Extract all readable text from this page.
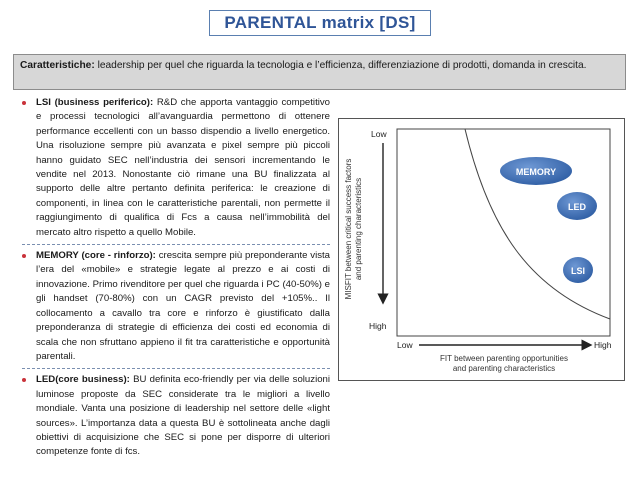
PARENTAL matrix [DS]
Caratteristiche: leadership per quel che riguarda la tecnologia e l’efficienza, differenziazione di prodotti, domanda in crescita.
LSI (business periferico): R&D che apporta vantaggio competitivo e processi tecnologici all’avanguardia permettono di ottenere performance eccellenti con un basso dispendio a livello energetico. Una risoluzione sempre più avanzata e pixel sempre più piccoli hanno guidato SEC nell’industria dei sensori incrementando le vendite nel 2013. Nonostante ciò rimane una BU finalizzata al supporto delle altre pertanto definita periferica: le creazione di componenti, in linea con le caratteristiche parentali, non permette il raggiungimento di qualifica di Fcs a causa nell’immobilità del mercato altro rispetto a quello Mobile.
MEMORY (core - rinforzo): crescita sempre più preponderante vista l’era del «mobile» e strategie legate al prezzo e ai costi di innovazione. Primo rivenditore per quel che riguarda i PC (40-50%) e gli handset (70-80%) con un CAGR previsto del +105%.. Il collocamento a cavallo tra core e rinforzo è giustificato dalla preponderanza di strategie di efficienza dei costi ed economia di scala che non sfruttano appieno il fit tra caratteristiche e opportunità parentali.
LED(core business): BU definita eco-friendly per via delle soluzioni luminose proposte da SEC considerate tra le migliori a livello mondiale. Vanta una posizione di leadership nel settore delle «light sources». L’importanza data a questa BU è sottolineata anche dagli obiettivi di acquisizione che SEC si pone per disporre di ulteriori competenze fonte di fcs.
MISFIT between critical success factors and parenting characteristics
Low
High
MEMORY
LED
LSI
Low	High
FIT between parenting opportunities
and parenting characteristics
